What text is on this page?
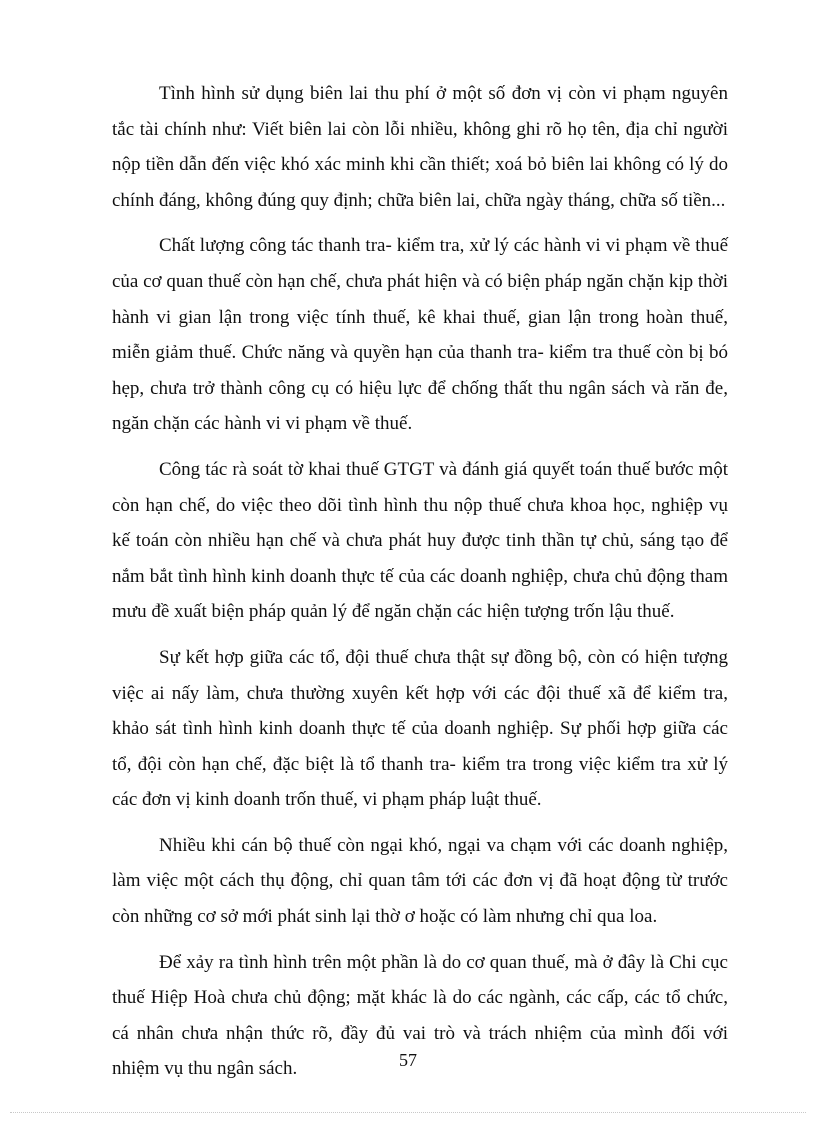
Tình hình sử dụng biên lai thu phí ở một số đơn vị còn vi phạm nguyên tắc tài chính như: Viết biên lai còn lỗi nhiều, không ghi rõ họ tên, địa chỉ người nộp tiền dẫn đến việc khó xác minh khi cần thiết; xoá bỏ biên lai không có lý do chính đáng, không đúng quy định; chữa biên lai, chữa ngày tháng, chữa số tiền...

Chất lượng công tác thanh tra- kiểm tra, xử lý các hành vi vi phạm về thuế của cơ quan thuế còn hạn chế, chưa phát hiện và có biện pháp ngăn chặn kịp thời hành vi gian lận trong việc tính thuế, kê khai thuế, gian lận trong hoàn thuế, miễn giảm thuế. Chức năng và quyền hạn của thanh tra- kiểm tra thuế còn bị bó hẹp, chưa trở thành công cụ có hiệu lực để chống thất thu ngân sách và răn đe, ngăn chặn các hành vi vi phạm về thuế.

Công tác rà soát tờ khai thuế GTGT và đánh giá quyết toán thuế bước một còn hạn chế, do việc theo dõi tình hình thu nộp thuế chưa khoa học, nghiệp vụ kế toán còn nhiều hạn chế và chưa phát huy được tinh thần tự chủ, sáng tạo để nắm bắt tình hình kinh doanh thực tế của các doanh nghiệp, chưa chủ động tham mưu đề xuất biện pháp quản lý để ngăn chặn các hiện tượng trốn lậu thuế.

Sự kết hợp giữa các tổ, đội thuế chưa thật sự đồng bộ, còn có hiện tượng việc ai nấy làm, chưa thường xuyên kết hợp với các đội thuế xã để kiểm tra, khảo sát tình hình kinh doanh thực tế của doanh nghiệp. Sự phối hợp giữa các tổ, đội còn hạn chế, đặc biệt là tổ thanh tra- kiểm tra trong việc kiểm tra xử lý các đơn vị kinh doanh trốn thuế, vi phạm pháp luật thuế.

Nhiều khi cán bộ thuế còn ngại khó, ngại va chạm với các doanh nghiệp, làm việc một cách thụ động, chỉ quan tâm tới các đơn vị đã hoạt động từ trước còn những cơ sở mới phát sinh lại thờ ơ hoặc có làm nhưng chỉ qua loa.

Để xảy ra tình hình trên một phần là do cơ quan thuế, mà ở đây là Chi cục thuế Hiệp Hoà chưa chủ động; mặt khác là do các ngành, các cấp, các tổ chức, cá nhân chưa nhận thức rõ, đầy đủ vai trò và trách nhiệm của mình đối với nhiệm vụ thu ngân sách.	57
